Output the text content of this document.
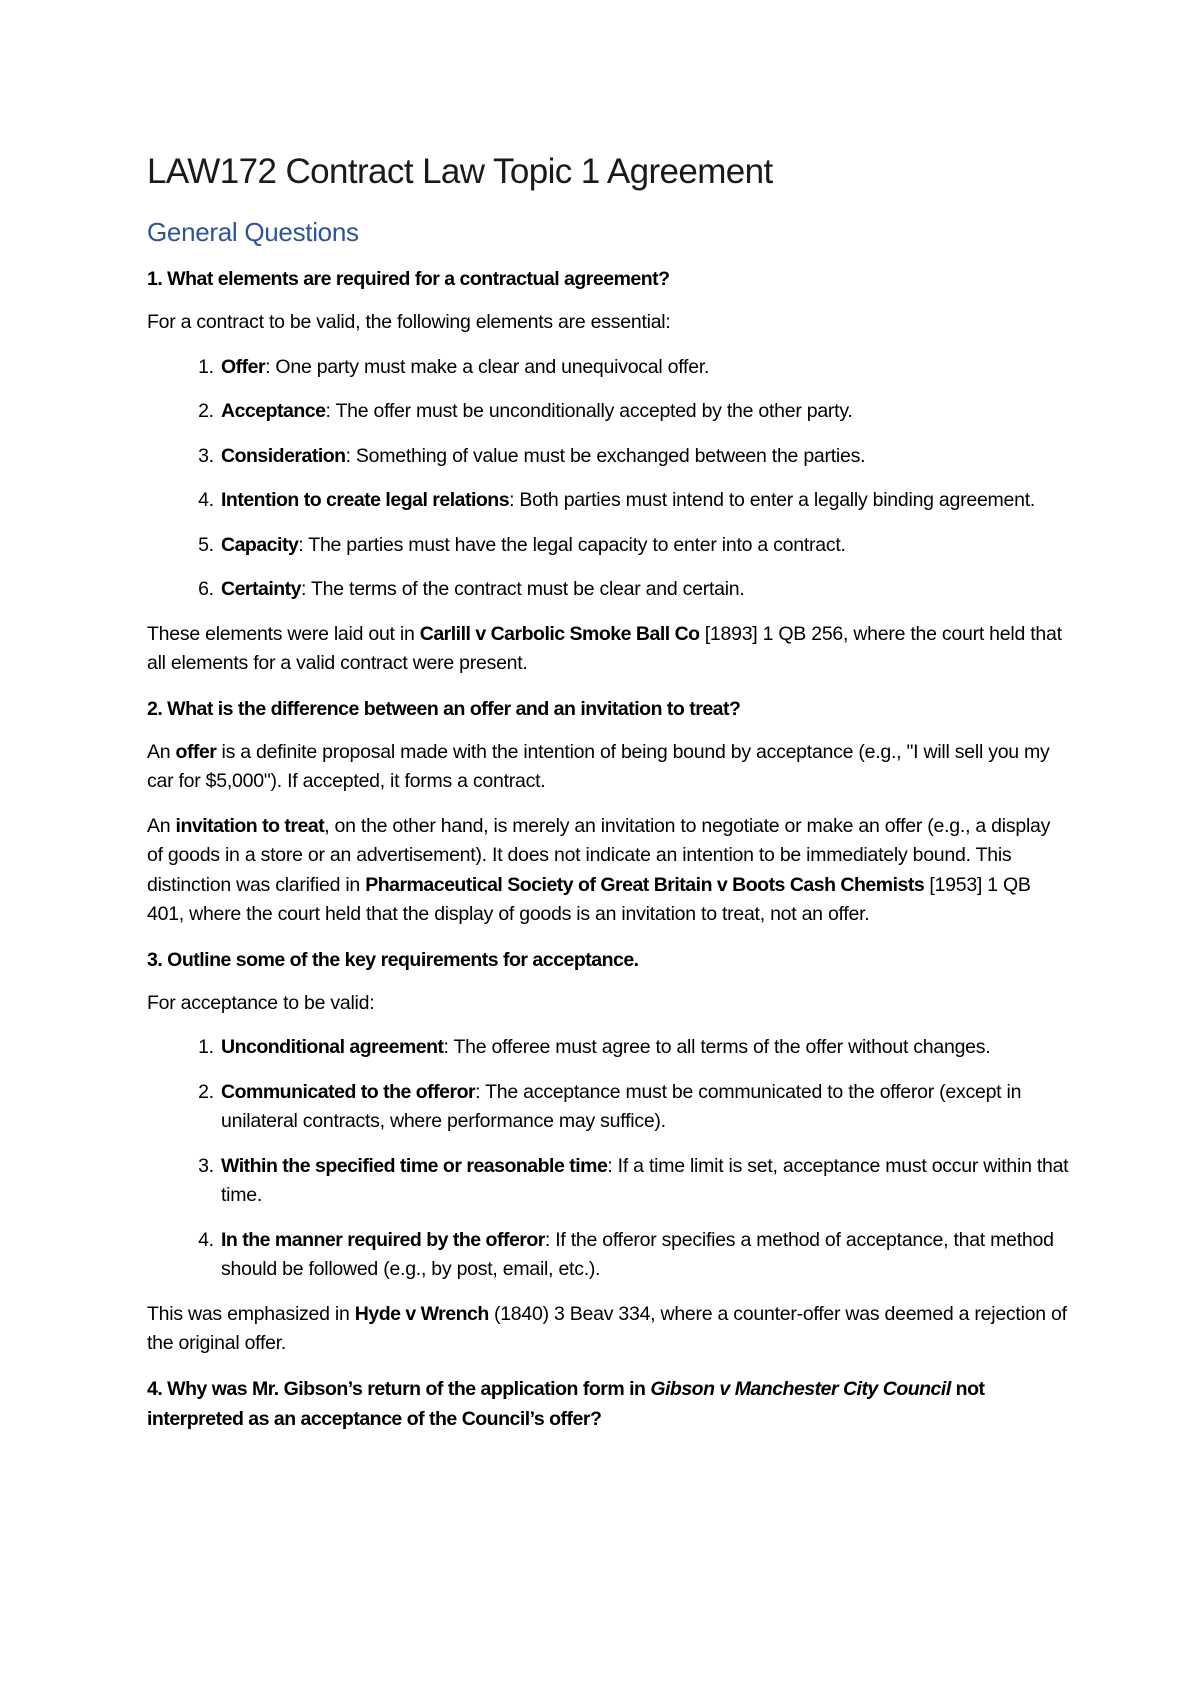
LAW172 Contract Law Topic 1 Agreement
General Questions
1. What elements are required for a contractual agreement?

For a contract to be valid, the following elements are essential:

1. Offer: One party must make a clear and unequivocal offer.
2. Acceptance: The offer must be unconditionally accepted by the other party.
3. Consideration: Something of value must be exchanged between the parties.
4. Intention to create legal relations: Both parties must intend to enter a legally binding agreement.
5. Capacity: The parties must have the legal capacity to enter into a contract.
6. Certainty: The terms of the contract must be clear and certain.

These elements were laid out in Carlill v Carbolic Smoke Ball Co [1893] 1 QB 256, where the court held that all elements for a valid contract were present.

2. What is the difference between an offer and an invitation to treat?

An offer is a definite proposal made with the intention of being bound by acceptance (e.g., "I will sell you my car for $5,000"). If accepted, it forms a contract.

An invitation to treat, on the other hand, is merely an invitation to negotiate or make an offer (e.g., a display of goods in a store or an advertisement). It does not indicate an intention to be immediately bound. This distinction was clarified in Pharmaceutical Society of Great Britain v Boots Cash Chemists [1953] 1 QB 401, where the court held that the display of goods is an invitation to treat, not an offer.

3. Outline some of the key requirements for acceptance.

For acceptance to be valid:

1. Unconditional agreement: The offeree must agree to all terms of the offer without changes.
2. Communicated to the offeror: The acceptance must be communicated to the offeror (except in unilateral contracts, where performance may suffice).
3. Within the specified time or reasonable time: If a time limit is set, acceptance must occur within that time.
4. In the manner required by the offeror: If the offeror specifies a method of acceptance, that method should be followed (e.g., by post, email, etc.).

This was emphasized in Hyde v Wrench (1840) 3 Beav 334, where a counter-offer was deemed a rejection of the original offer.

4. Why was Mr. Gibson’s return of the application form in Gibson v Manchester City Council not interpreted as an acceptance of the Council’s offer?
